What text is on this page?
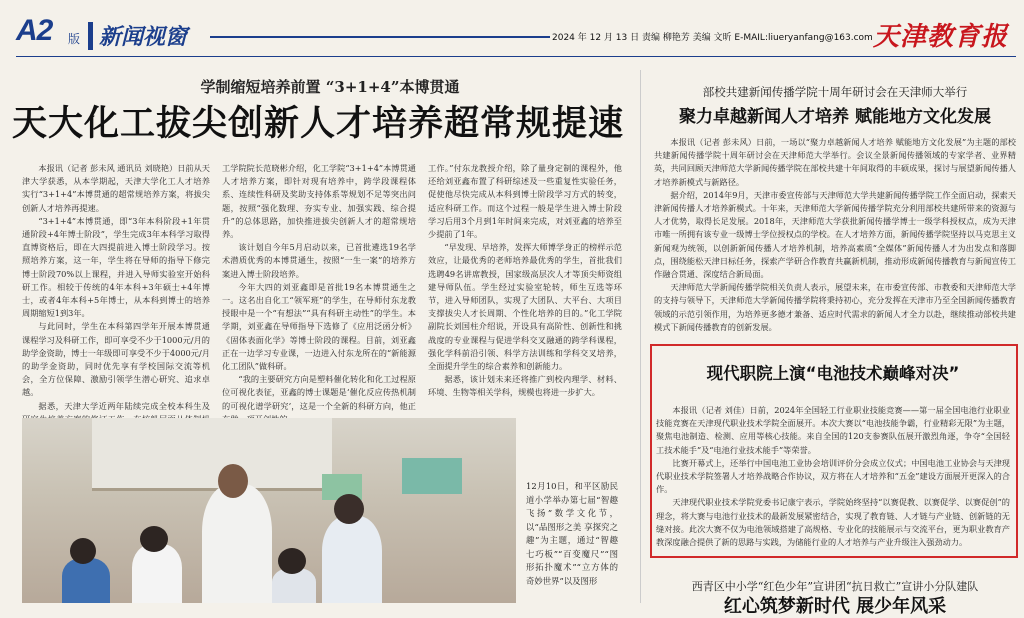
A2 版 新闻视窗	2024 年 12 月 13 日 责编 柳艳芳 美编 文昕 E-MAIL:liueryanfang@163.com 天津教育报
学制缩短培养前置 “3+1+4”本博贯通
天大化工拔尖创新人才培养超常规提速

本报讯（记者 彭未风 通讯员 刘晓艳）日前从天津大学获悉，从本学期起，天津大学化工人才培养实行“3+1+4”本博贯通的超常规培养方案，将拔尖创新人才培养再提速。

“3+1+4”本博贯通，即“3年本科阶段+1年贯通阶段+4年博士阶段”，学生完成3年本科学习取得直博资格后，即在大四提前进入博士阶段学习。按照培养方案，这一年，学生将在导师的指导下修完博士阶段70%以上课程，并进入导师实验室开始科研工作。相较于传统的4年本科+3年硕士+4年博士，或者4年本科+5年博士，从本科到博士的培养周期缩短1到3年。

与此同时，学生在本科第四学年开展本博贯通课程学习及科研工作，即可享受不少于1000元/月的助学金资助，博士一年级即可享受不少于4000元/月的助学金资助，同时优先享有学校国际交流等机会，全方位保障、激励引领学生潜心研究、追求卓越。

据悉，天津大学近两年陆续完成全校本科生及

工学院院长范晓彬介绍，化工学院“3+1+4”本博贯通人才培养方案，即针对现有培养中，跨学段课程体系、连续性科研及奖助支持体系等规划不足等突出问题，按照“强化数理、夯实专业、加强实践、综合提升”的总体思路，加快推进拔尖创新人才的超常规培养。

该计划自今年5月启动以来，已首批遴选19名学术潜质优秀的本博贯通生，按照“一生一案”的培养方案进入博士阶段培养。

今年大四的刘亚鑫即是首批19名本博贯通生之一。这名出自化工“领军班”的学生，在导师付东龙教授眼中是一个“有想法”“具有科研主动性”的学生。本学期，刘亚鑫在导师指导下选修了《应用泛函分析》《固体表面化学》等博士阶段的课程。目前，刘亚鑫正在一边学习专业课，一边进入付东龙所在的“新能源化工团队”做科研。

“我的主要研究方向是塑料催化转化和化工过程原位可视化表征，亚鑫的博士课题是‘催化反应传热机制的可视化谱学研究’，这是一个全新的科研方向，他正

工作。”付东龙教授介绍，除了量身定制的课程外，他还给刘亚鑫布置了科研综述及一些重复性实验任务，促使他尽快完成从本科到博士阶段学习方式的转变，适应科研工作。而这个过程一般是学生进入博士阶段学习后用3个月到1年时间来完成，对刘亚鑫的培养至少提前了1年。

“早发现、早培养，发挥大师博学身正的榜样示范效应，让最优秀的老师培养最优秀的学生，首批我们选聘49名讲席教授，国家级高层次人才等顶尖师资组建导师队伍。学生经过实验室轮转，师生互选等环节，进入导师团队，实现了大团队、大平台、大项目支撑拔尖人才长周期、个性化培养的目的。”化工学院副院长刘国柱介绍说，开设具有高阶性、创新性和挑战度的专业课程与促进学科交叉融通的跨学科课程，强化学科前沿引领、科学方法训练和学科交叉培养，全面提升学生的综合素养和创新能力。

据悉，该计划未来还将推广到校内理学、材料、环境、生物等相关学科，规模也将进一步扩大。

12月10日，和平区励民道小学举办第七届“智趣飞扬”数学文化节，以“品图形之美 享探究之趣”为主题，通过“智趣七巧板”“百变魔尺”“图形拓扑魔术”“立方体的奇妙世界”以及图形
部校共建新闻传播学院十周年研讨会在天津师大举行
聚力卓越新闻人才培养 赋能地方文化发展

本报讯（记者 彭未风）日前，一场以“聚力卓越新闻人才培养 赋能地方文化发展”为主题的部校共建新闻传播学院十周年研讨会在天津师范大学举行。会议全景新闻传播领域的专家学者、业界精英，共同回顾天津师范大学新闻传播学院在部校共建十年间取得的丰硕成果，探讨与展望新闻传播人才培养新模式与新路径。

据介绍，2014年9月，天津市委宣传部与天津师范大学共建新闻传播学院工作全面启动，探索天津新闻传播人才培养新模式。十年来，天津师范大学新闻传播学院充分利用部校共建所带来的资源与人才优势，取得长足发展。2018年，天津师范大学获批新闻传播学博士一级学科授权点，成为天津市唯一所拥有该专业一级博士学位授权点的学校。在人才培养方面，新闻传播学院坚持以马克思主义新闻观为统领，以创新新闻传播人才培养机制，培养高素质“全媒体”新闻传播人才为出发点和落脚点，围绕能松天津日标任务，探索产学研合作教育共赢新机制，推动形成新闻传播教育与新闻宣传工作融合贯通、深度结合新局面。

天津师范大学新闻传播学院相关负责人表示，展望未来，在市委宣传部、市教委和天津师范大学的支持与领导下，天津师范大学新闻传播学院将秉持初心，充分发挥在天津市乃至全国新闻传播教育领域的示范引领作用，为培养更多德才兼备、适应时代需求的新闻人才全力以赴，继续推动部校共建模式下新闻传播教育的创新发展。

现代职院上演“电池技术巅峰对决”

本报讯（记者 刘佳）日前，2024年全国轻工行业职业技能竞赛——第一届全国电池行业职业技能竞赛在天津现代职业技术学院全面展开。本次大赛以“电池技能争霸，行业精彩无限”为主题，聚焦电池制造、检测、应用等核心技能。来自全国的120支参赛队伍展开激烈角逐，争夺“全国轻工技术能手”及“电池行业技术能手”等荣誉。

比赛开幕式上，还举行中国电池工业协会培训评价分会成立仪式；中国电池工业协会与天津现代职业技术学院签署人才培养战略合作协议，双方将在人才培养和“五金”建设方面展开更深入的合作。

天津现代职业技术学院党委书记康宁表示，学院始终坚持“以赛促教、以赛促学、以赛促创”的理念，将大赛与电池行业技术的最新发展紧密结合，实现了教育链、人才链与产业链、创新链的无缝对接。此次大赛不仅为电池领域搭建了高规格、专业化的技能展示与交流平台，更为职业教育产教深度融合提供了新的思路与实践，为储能行业的人才培养与产业升级注入强劲动力。

西青区中小学“红色少年”宣讲团“抗日救亡”宣讲小分队建队
红心筑梦新时代 展少年风采
